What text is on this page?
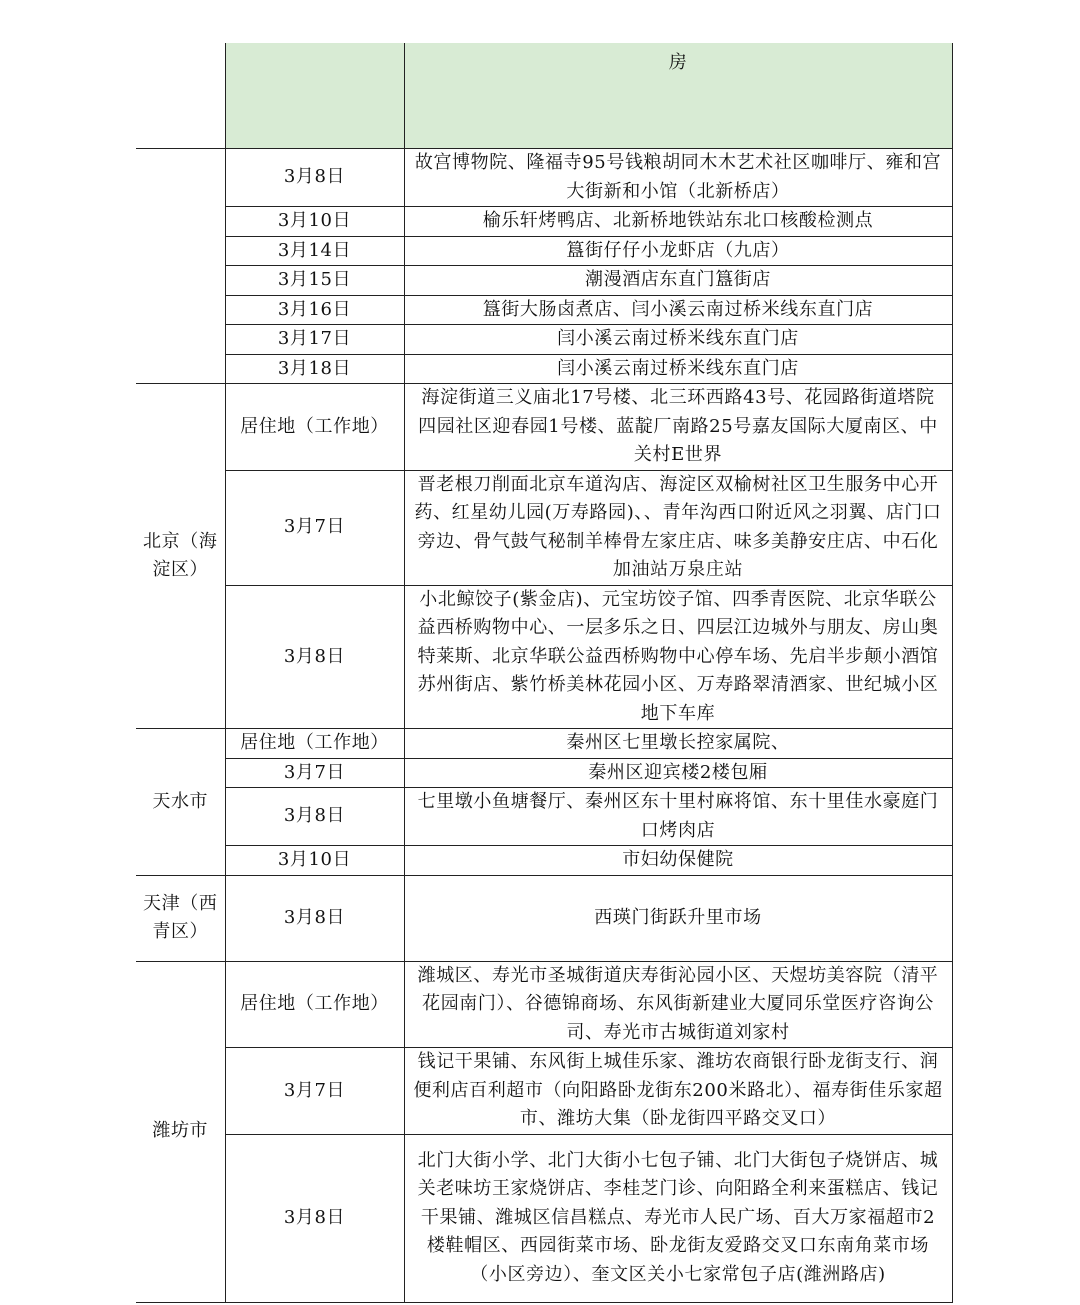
		房
	3月8日	故宫博物院、隆福寺95号钱粮胡同木木艺术社区咖啡厅、雍和宫大街新和小馆（北新桥店）
	3月10日	榆乐轩烤鸭店、北新桥地铁站东北口核酸检测点
	3月14日	簋街仔仔小龙虾店（九店）
	3月15日	潮漫酒店东直门簋街店
	3月16日	簋街大肠卤煮店、闫小溪云南过桥米线东直门店
	3月17日	闫小溪云南过桥米线东直门店
	3月18日	闫小溪云南过桥米线东直门店
北京（海淀区）	居住地（工作地）	海淀街道三义庙北17号楼、北三环西路43号、花园路街道塔院四园社区迎春园1号楼、蓝靛厂南路25号嘉友国际大厦南区、中关村E世界
	3月7日	晋老根刀削面北京车道沟店、海淀区双榆树社区卫生服务中心开药、红星幼儿园(万寿路园)、、青年沟西口附近风之羽翼、店门口旁边、骨气鼓气秘制羊棒骨左家庄店、味多美静安庄店、中石化加油站万泉庄站
	3月8日	小北鲸饺子(紫金店)、元宝坊饺子馆、四季青医院、北京华联公益西桥购物中心、一层多乐之日、四层江边城外与朋友、房山奥特莱斯、北京华联公益西桥购物中心停车场、先启半步颠小酒馆苏州街店、紫竹桥美林花园小区、万寿路翠清酒家、世纪城小区地下车库
天水市	居住地（工作地）	秦州区七里墩长控家属院、
	3月7日	秦州区迎宾楼2楼包厢
	3月8日	七里墩小鱼塘餐厅、秦州区东十里村麻将馆、东十里佳水豪庭门口烤肉店
	3月10日	市妇幼保健院
天津（西青区）	3月8日	西瑛门街跃升里市场
潍坊市	居住地（工作地）	潍城区、寿光市圣城街道庆寿街沁园小区、天煜坊美容院（清平花园南门）、谷德锦商场、东风街新建业大厦同乐堂医疗咨询公司、寿光市古城街道刘家村
	3月7日	钱记干果铺、东风街上城佳乐家、潍坊农商银行卧龙街支行、润便利店百利超市（向阳路卧龙街东200米路北）、福寿街佳乐家超市、潍坊大集（卧龙街四平路交叉口）
	3月8日	北门大街小学、北门大街小七包子铺、北门大街包子烧饼店、城关老味坊王家烧饼店、李桂芝门诊、向阳路全利来蛋糕店、钱记干果铺、潍城区信昌糕点、寿光市人民广场、百大万家福超市2楼鞋帽区、西园街菜市场、卧龙街友爱路交叉口东南角菜市场（小区旁边）、奎文区关小七家常包子店(潍洲路店)
